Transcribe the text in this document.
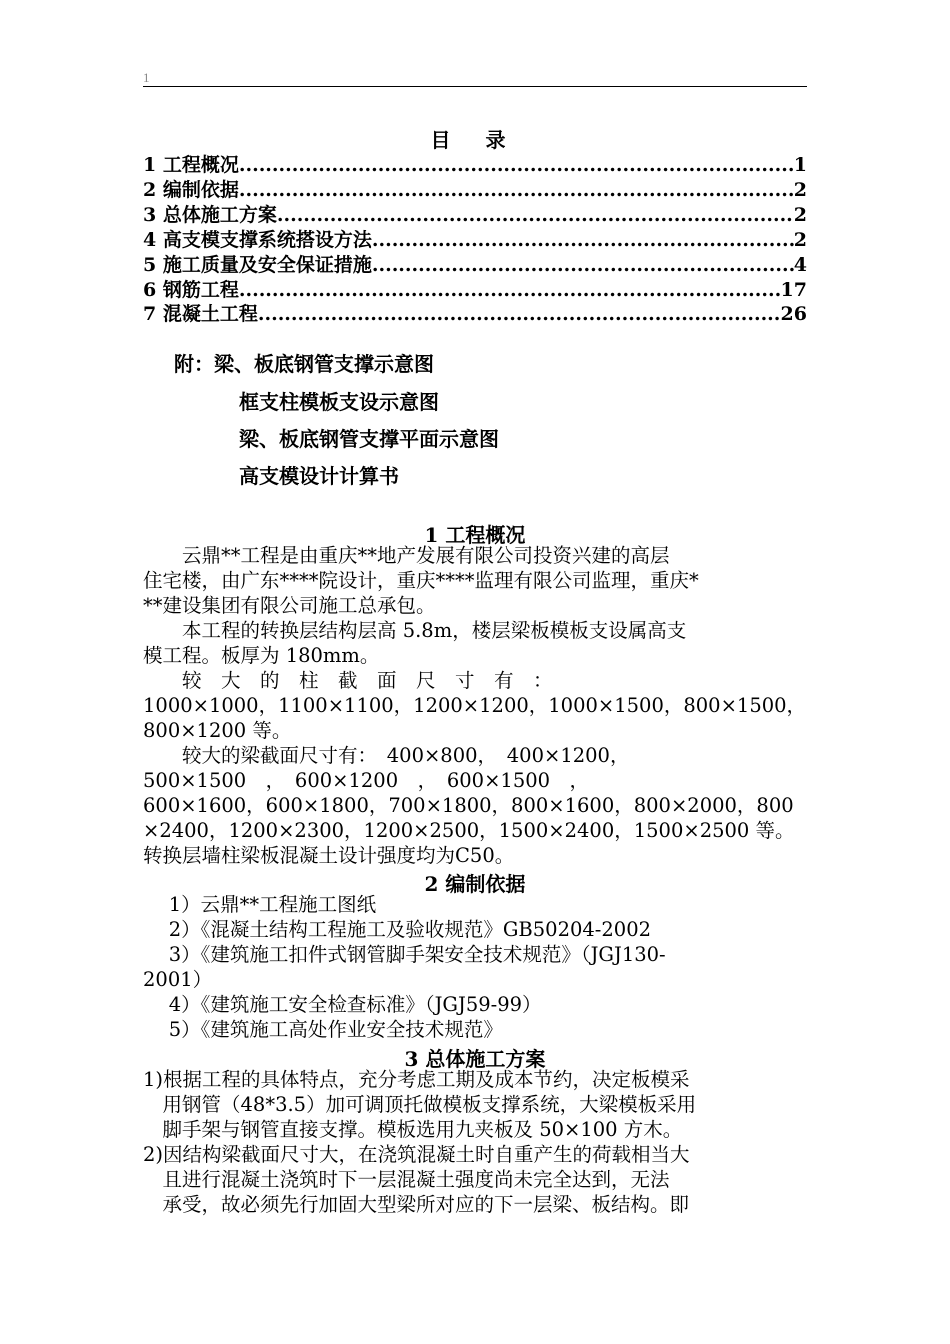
1
目 录
1 工程概况 .....	1
2 编制依据 .....	2
3 总体施工方案 .....	2
4 高支模支撑系统搭设方法 .....	2
5 施工质量及安全保证措施 .....	4
6 钢筋工程 .....	17
7 混凝土工程 .....	26
附：梁、板底钢管支撑示意图
框支柱模板支设示意图
梁、板底钢管支撑平面示意图
高支模设计计算书
1 工程概况
　　云鼎**工程是由重庆**地产发展有限公司投资兴建的高层
住宅楼，由广东****院设计，重庆****监理有限公司监理，重庆*
**建设集团有限公司施工总承包。
　　本工程的转换层结构层高 5.8m，楼层梁板模板支设属高支
模工程。板厚为 180mm。
　　较　大　的　柱　截　面　尺　寸　有　：
1000×1000，1100×1100，1200×1200，1000×1500，800×1500，
800×1200 等。
　　较大的梁截面尺寸有：　400×800，　400×1200，
500×1500　，　600×1200　，　600×1500　，
600×1600，600×1800，700×1800，800×1600，800×2000，800
×2400，1200×2300，1200×2500，1500×2400，1500×2500 等。
转换层墙柱梁板混凝土设计强度均为C50。
2 编制依据
　 1）云鼎**工程施工图纸
　 2）《混凝土结构工程施工及验收规范》GB50204-2002
　 3）《建筑施工扣件式钢管脚手架安全技术规范》（JGJ130-
2001）
　 4）《建筑施工安全检查标准》（JGJ59-99）
　 5）《建筑施工高处作业安全技术规范》
3 总体施工方案
1)根据工程的具体特点，充分考虑工期及成本节约，决定板模采
　用钢管（48*3.5）加可调顶托做模板支撑系统，大梁模板采用
　脚手架与钢管直接支撑。模板选用九夹板及 50×100 方木。
2)因结构梁截面尺寸大，在浇筑混凝土时自重产生的荷载相当大
　且进行混凝土浇筑时下一层混凝土强度尚未完全达到，无法
　承受，故必须先行加固大型梁所对应的下一层梁、板结构。即
